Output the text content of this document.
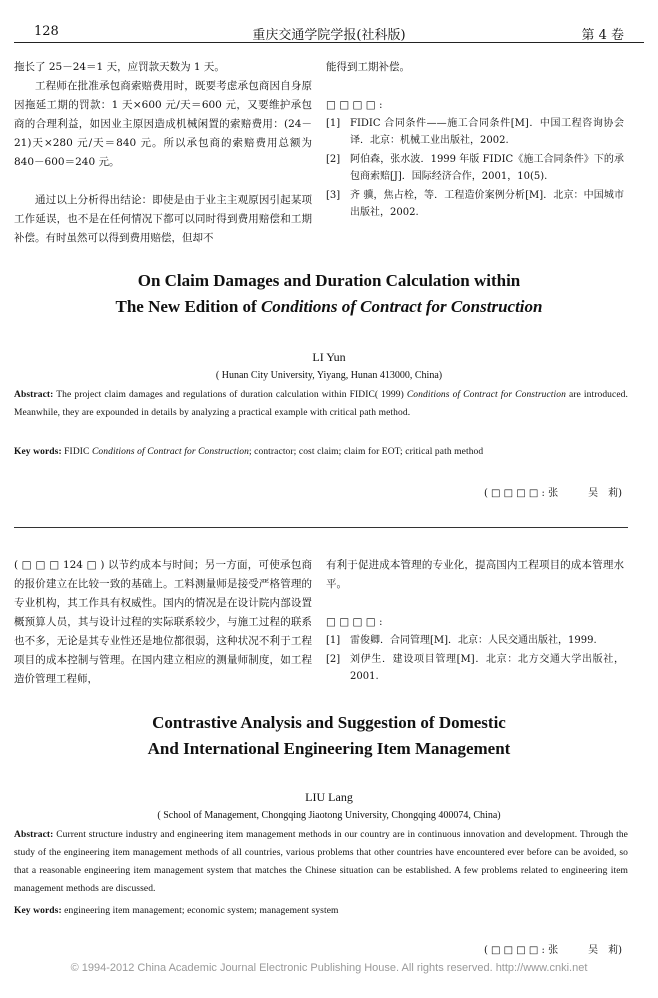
128	重庆交通学院学报(社科版)	第 4 卷

拖长了 25－24＝1 天，应罚款天数为 1 天。

工程师在批准承包商索赔费用时，既要考虑承包商因自身原因拖延工期的罚款：1 天×600 元/天＝600 元，又要维护承包商的合理利益，如因业主原因造成机械闲置的索赔费用：(24－21)天×280 元/天＝840 元。所以承包商的索赔费用总额为 840－600＝240 元。

通过以上分析得出结论：即使是由于业主主观原因引起某项工作延误，也不是在任何情况下都可以同时得到费用赔偿和工期补偿。有时虽然可以得到费用赔偿，但却不

能得到工期补偿。

□ □ □ □ :

[1] FIDIC 合同条件——施工合同条件[M]．中国工程咨询协会译．北京：机械工业出版社，2002.
[2] 阿伯森，张水波．1999 年版 FIDIC《施工合同条件》下的承包商索赔[J]．国际经济合作，2001，10(5).
[3] 齐 骥，焦占栓，等．工程造价案例分析[M]．北京：中国城市出版社，2002.
On Claim Damages and Duration Calculation within
The New Edition of Conditions of Contract for Construction
LI Yun
( Hunan City University, Yiyang, Hunan 413000, China)
Abstract: The project claim damages and regulations of duration calculation within FIDIC( 1999) Conditions of Contract for Construction are introduced. Meanwhile, they are expounded in details by analyzing a practical example with critical path method.
Key words: FIDIC Conditions of Contract for Construction; contractor; cost claim; claim for EOT; critical path method
( □ □ □ □ : 张　　　吴　莉)

( □ □ □ 124 □ ) 以节约成本与时间；另一方面，可使承包商的报价建立在比较一致的基础上。工料测量师是接受严格管理的专业机构，其工作具有权威性。国内的情况是在设计院内部设置概预算人员，其与设计过程的实际联系较少，与施工过程的联系也不多，无论是其专业性还是地位都很弱，这种状况不利于工程项目的成本控制与管理。在国内建立相应的测量师制度，如工程造价管理工程师，

有利于促进成本管理的专业化，提高国内工程项目的成本管理水平。

□ □ □ □ :

[1] 雷俊卿．合同管理[M]．北京：人民交通出版社，1999.
[2] 刘伊生．建设项目管理[M]．北京：北方交通大学出版社，2001.
Contrastive Analysis and Suggestion of Domestic
And International Engineering Item Management
LIU Lang
( School of Management, Chongqing Jiaotong University, Chongqing 400074, China)
Abstract: Current structure industry and engineering item management methods in our country are in continuous innovation and development. Through the study of the engineering item management methods of all countries, various problems that other countries have encountered ever before can be avoided, so that a reasonable engineering item management system that matches the Chinese situation can be established. A few problems related to engineering item management methods are discussed.
Key words: engineering item management; economic system; management system
( □ □ □ □ : 张　　　吴　莉)
© 1994-2012 China Academic Journal Electronic Publishing House. All rights reserved. http://www.cnki.net
